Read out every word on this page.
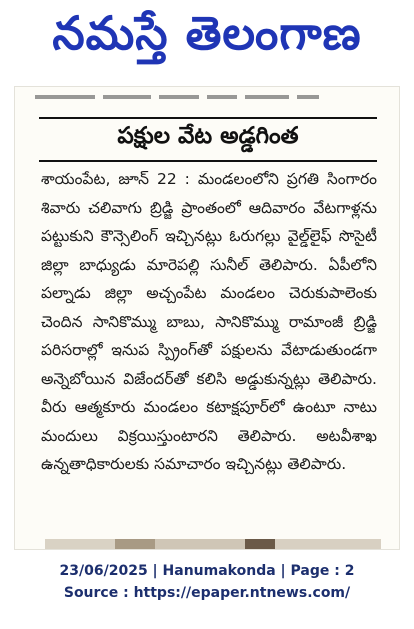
నమస్తే తెలంగాణ
పక్షుల వేట అడ్డగింత
శాయంపేట, జూన్ 22 : మండలంలోని ప్రగతి సింగారం శివారు చలివాగు బ్రిడ్జి ప్రాంతంలో ఆదివారం వేటగాళ్లను పట్టుకుని కౌన్సెలింగ్ ఇచ్చినట్లు ఓరుగల్లు వైల్డ్‌లైఫ్ సొసైటీ జిల్లా బాధ్యుడు మారెపల్లి సునీల్ తెలిపారు. ఏపీలోని పల్నాడు జిల్లా అచ్చంపేట మండలం చెరుకుపాలెంకు చెందిన సానికొమ్ము బాబు, సానికొమ్ము రామాంజీ బ్రిడ్జి పరిసరాల్లో ఇనుప స్ప్రింగ్‌తో పక్షులను వేటాడుతుండగా అన్నెబోయిన విజేందర్‌తో కలిసి అడ్డుకున్నట్లు తెలిపారు. వీరు ఆత్మకూరు మండలం కటాక్షపూర్‌లో ఉంటూ నాటు మందులు విక్రయిస్తుంటారని తెలిపారు. అటవీశాఖ ఉన్నతాధికారులకు సమాచారం ఇచ్చినట్లు తెలిపారు.
23/06/2025 | Hanumakonda | Page : 2
Source : https://epaper.ntnews.com/
